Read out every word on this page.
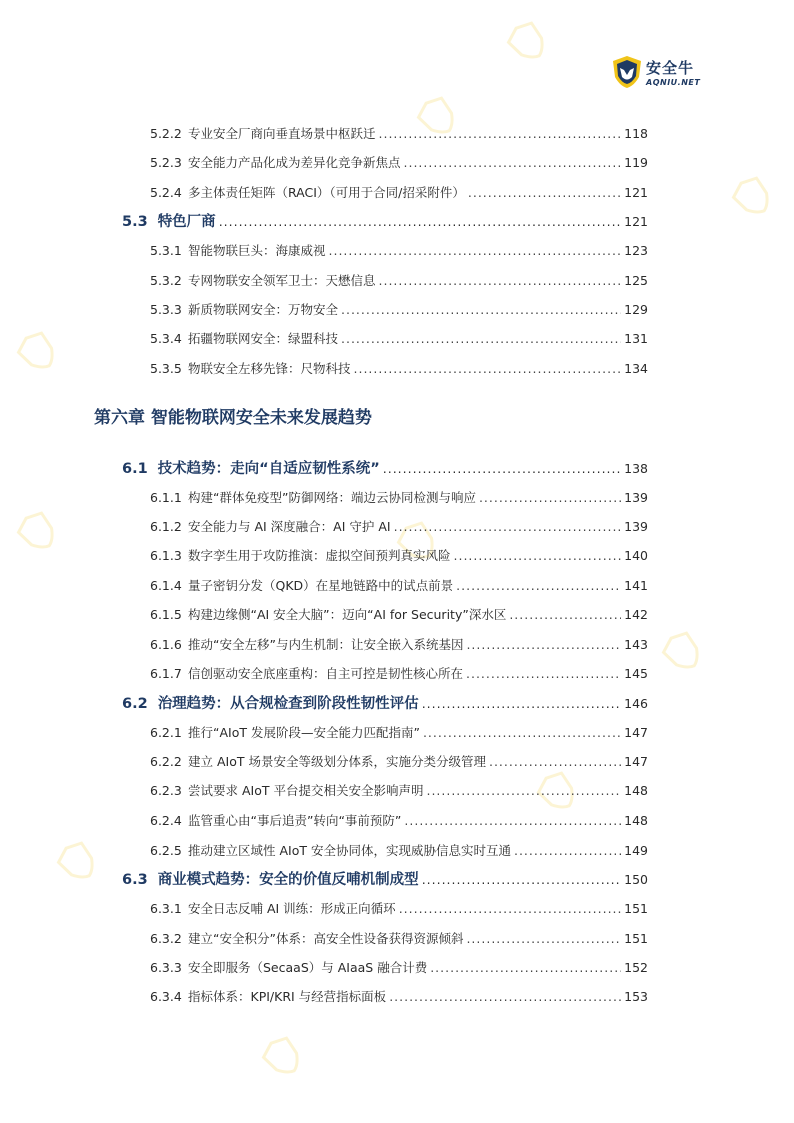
安全牛
AQNIU.NET
5.2.2 专业安全厂商向垂直场景中枢跃迁 .....	118
5.2.3 安全能力产品化成为差异化竞争新焦点 .....	119
5.2.4 多主体责任矩阵（RACI）（可用于合同/招采附件） .....	121
5.3 特色厂商 .....	121
5.3.1 智能物联巨头：海康威视 .....	123
5.3.2 专网物联安全领军卫士：天懋信息 .....	125
5.3.3 新质物联网安全：万物安全 .....	129
5.3.4 拓疆物联网安全：绿盟科技 .....	131
5.3.5 物联安全左移先锋：尺物科技 .....	134
第六章 智能物联网安全未来发展趋势
6.1 技术趋势：走向“自适应韧性系统” .....	138
6.1.1 构建“群体免疫型”防御网络：端边云协同检测与响应 .....	139
6.1.2 安全能力与 AI 深度融合：AI 守护 AI .....	139
6.1.3 数字孪生用于攻防推演：虚拟空间预判真实风险 .....	140
6.1.4 量子密钥分发（QKD）在星地链路中的试点前景 .....	141
6.1.5 构建边缘侧“AI 安全大脑”：迈向“AI for Security”深水区 .....	142
6.1.6 推动“安全左移”与内生机制：让安全嵌入系统基因 .....	143
6.1.7 信创驱动安全底座重构：自主可控是韧性核心所在 .....	145
6.2 治理趋势：从合规检查到阶段性韧性评估 .....	146
6.2.1 推行“AIoT 发展阶段—安全能力匹配指南” .....	147
6.2.2 建立 AIoT 场景安全等级划分体系，实施分类分级管理 .....	147
6.2.3 尝试要求 AIoT 平台提交相关安全影响声明 .....	148
6.2.4 监管重心由“事后追责”转向“事前预防” .....	148
6.2.5 推动建立区域性 AIoT 安全协同体，实现威胁信息实时互通 .....	149
6.3 商业模式趋势：安全的价值反哺机制成型 .....	150
6.3.1 安全日志反哺 AI 训练：形成正向循环 .....	151
6.3.2 建立“安全积分”体系：高安全性设备获得资源倾斜 .....	151
6.3.3 安全即服务（SecaaS）与 AIaaS 融合计费 .....	152
6.3.4 指标体系：KPI/KRI 与经营指标面板 .....	153
